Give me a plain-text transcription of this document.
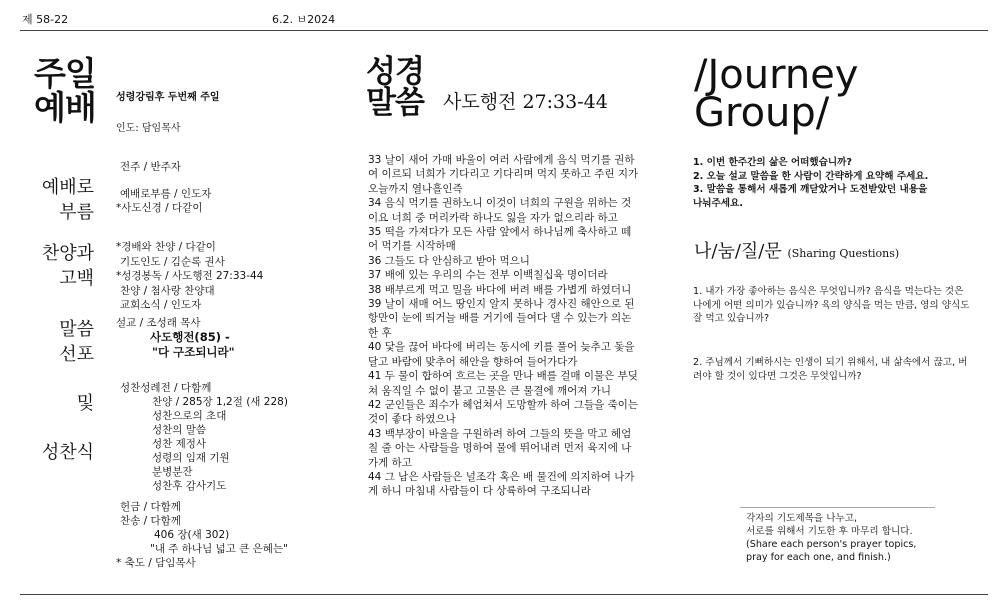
제 58-22	6.2. ㅂ2024
주일 예배	성령강림후 두번째 주일
인도: 담임목사
예배로
부름
찬양과
고백
말씀
선포
및
성찬식
전주 / 반주자
예배로부름 / 인도자
*사도신경 / 다같이
*경배와 찬양 / 다같이
기도인도 / 김순록 권사
*성경봉독 / 사도행전 27:33-44
찬양 / 첨사랑 찬양대
교회소식 / 인도자
설교 / 조성래 목사
사도행전(85) -
"다 구조되니라"
성찬성례전 / 다함께
찬양 / 285장 1,2절 (새 228)
성찬으로의 초대
성찬의 말씀
성찬 제정사
성령의 임재 기원
분병분잔
성찬후 감사기도
헌금 / 다함께
찬송 / 다함께
406 장(새 302)
"내 주 하나님 넓고 큰 은혜는"
* 축도 / 담임목사
성경 말씀	사도행전 27:33-44
33 날이 새어 가매 바울이 여러 사람에게 음식 먹기를 권하여 이르되 너희가 기다리고 기다리며 먹지 못하고 주린 지가 오늘까지 열나흘인즉
34 음식 먹기를 권하노니 이것이 너희의 구원을 위하는 것이요 너희 중 머리카락 하나도 잃을 자가 없으리라 하고
35 떡을 가져다가 모든 사람 앞에서 하나님께 축사하고 떼어 먹기를 시작하매
36 그들도 다 안심하고 받아 먹으니
37 배에 있는 우리의 수는 전부 이백칠십육 명이더라
38 배부르게 먹고 밀을 바다에 버려 배를 가볍게 하였더니
39 날이 새매 어느 땅인지 알지 못하나 경사진 해안으로 된 항만이 눈에 띄거늘 배를 거기에 들여다 댈 수 있는가 의논한 후
40 닻을 끊어 바다에 버리는 동시에 키를 풀어 늦추고 돛을 달고 바람에 맞추어 해안을 향하여 들어가다가
41 두 물이 합하여 흐르는 곳을 만나 배를 걸매 이물은 부딪쳐 움직일 수 없이 붙고 고물은 큰 물결에 깨어져 가니
42 군인들은 죄수가 헤엄쳐서 도망할까 하여 그들을 죽이는 것이 좋다 하였으나
43 백부장이 바울을 구원하려 하여 그들의 뜻을 막고 헤엄칠 줄 아는 사람들을 명하여 물에 뛰어내려 먼저 육지에 나가게 하고
44 그 남은 사람들은 널조각 혹은 배 물건에 의지하여 나가게 하니 마침내 사람들이 다 상륙하여 구조되니라
/Journey
Group/
1. 이번 한주간의 삶은 어떠했습니까?
2. 오늘 설교 말씀을 한 사람이 간략하게 요약해 주세요.
3. 말씀을 통해서 새롭게 깨닫았거나 도전받았던 내용을
나눠주세요.
나/눔/질/문 (Sharing Questions)
1. 내가 가장 좋아하는 음식은 무엇입니까? 음식을 먹는다는 것은 나에게 어떤 의미가 있습니까? 육의 양식을 먹는 만큼, 영의 양식도 잘 먹고 있습니까?
2. 주님께서 기뻐하시는 인생이 되기 위해서, 내 삶속에서 끊고, 버려야 할 것이 있다면 그것은 무엇입니까?
각자의 기도제목을 나누고,
서로를 위해서 기도한 후 마무리 합니다.
(Share each person's prayer topics,
pray for each one, and finish.)
